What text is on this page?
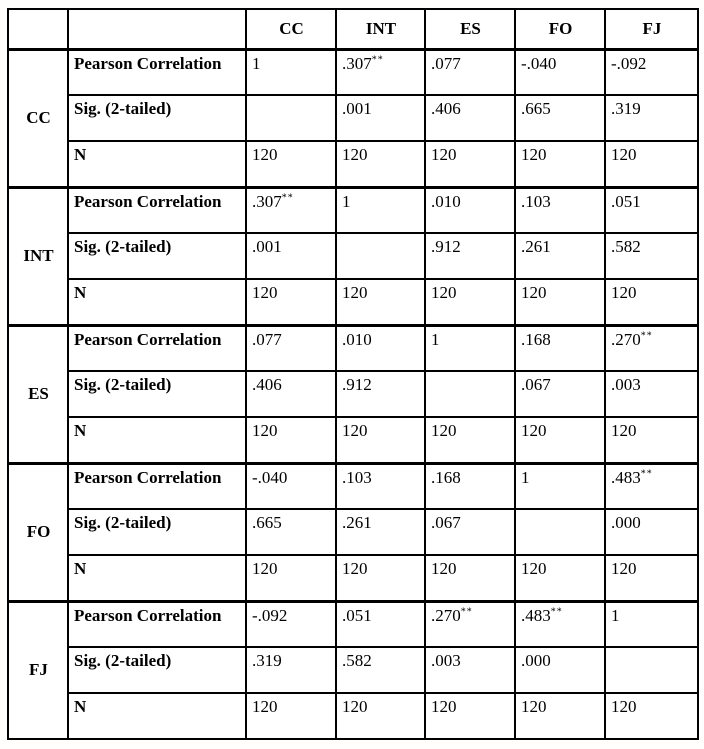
		CC	INT	ES	FO	FJ
CC	Pearson Correlation	1	.307**	.077	-.040	-.092
	Sig. (2-tailed)		.001	.406	.665	.319
	N	120	120	120	120	120
INT	Pearson Correlation	.307**	1	.010	.103	.051
	Sig. (2-tailed)	.001		.912	.261	.582
	N	120	120	120	120	120
ES	Pearson Correlation	.077	.010	1	.168	.270**
	Sig. (2-tailed)	.406	.912		.067	.003
	N	120	120	120	120	120
FO	Pearson Correlation	-.040	.103	.168	1	.483**
	Sig. (2-tailed)	.665	.261	.067		.000
	N	120	120	120	120	120
FJ	Pearson Correlation	-.092	.051	.270**	.483**	1
	Sig. (2-tailed)	.319	.582	.003	.000	
	N	120	120	120	120	120
